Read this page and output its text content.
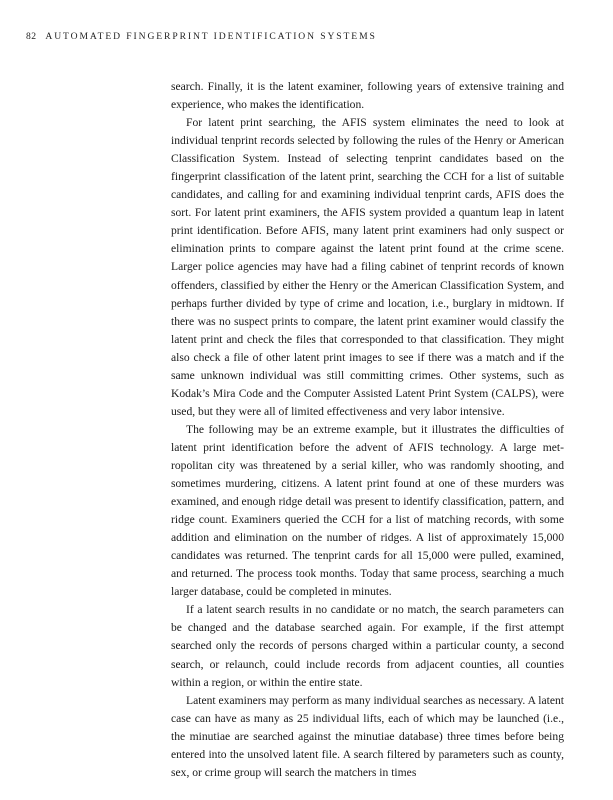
82 AUTOMATED FINGERPRINT IDENTIFICATION SYSTEMS

search. Finally, it is the latent examiner, following years of extensive training and experience, who makes the identification.

For latent print searching, the AFIS system eliminates the need to look at individual tenprint records selected by following the rules of the Henry or American Classification System. Instead of selecting tenprint candidates based on the fingerprint classification of the latent print, searching the CCH for a list of suitable candidates, and calling for and examining individual tenprint cards, AFIS does the sort. For latent print examiners, the AFIS system provided a quantum leap in latent print identification. Before AFIS, many latent print examiners had only suspect or elimination prints to compare against the latent print found at the crime scene. Larger police agencies may have had a filing cabinet of tenprint records of known offenders, classified by either the Henry or the American Classification System, and perhaps further divided by type of crime and location, i.e., burglary in midtown. If there was no suspect prints to compare, the latent print examiner would classify the latent print and check the files that corresponded to that classification. They might also check a file of other latent print images to see if there was a match and if the same unknown individual was still committing crimes. Other systems, such as Kodak’s Mira Code and the Computer Assisted Latent Print System (CALPS), were used, but they were all of limited effectiveness and very labor intensive.

The following may be an extreme example, but it illustrates the difficulties of latent print identification before the advent of AFIS technology. A large metropolitan city was threatened by a serial killer, who was randomly shooting, and sometimes murdering, citizens. A latent print found at one of these murders was examined, and enough ridge detail was present to identify classification, pattern, and ridge count. Examiners queried the CCH for a list of matching records, with some addition and elimination on the number of ridges. A list of approximately 15,000 candidates was returned. The tenprint cards for all 15,000 were pulled, examined, and returned. The process took months. Today that same process, searching a much larger database, could be completed in minutes.

If a latent search results in no candidate or no match, the search parameters can be changed and the database searched again. For example, if the first attempt searched only the records of persons charged within a particular county, a second search, or relaunch, could include records from adjacent counties, all counties within a region, or within the entire state.

Latent examiners may perform as many individual searches as necessary. A latent case can have as many as 25 individual lifts, each of which may be launched (i.e., the minutiae are searched against the minutiae database) three times before being entered into the unsolved latent file. A search filtered by parameters such as county, sex, or crime group will search the matchers in times
